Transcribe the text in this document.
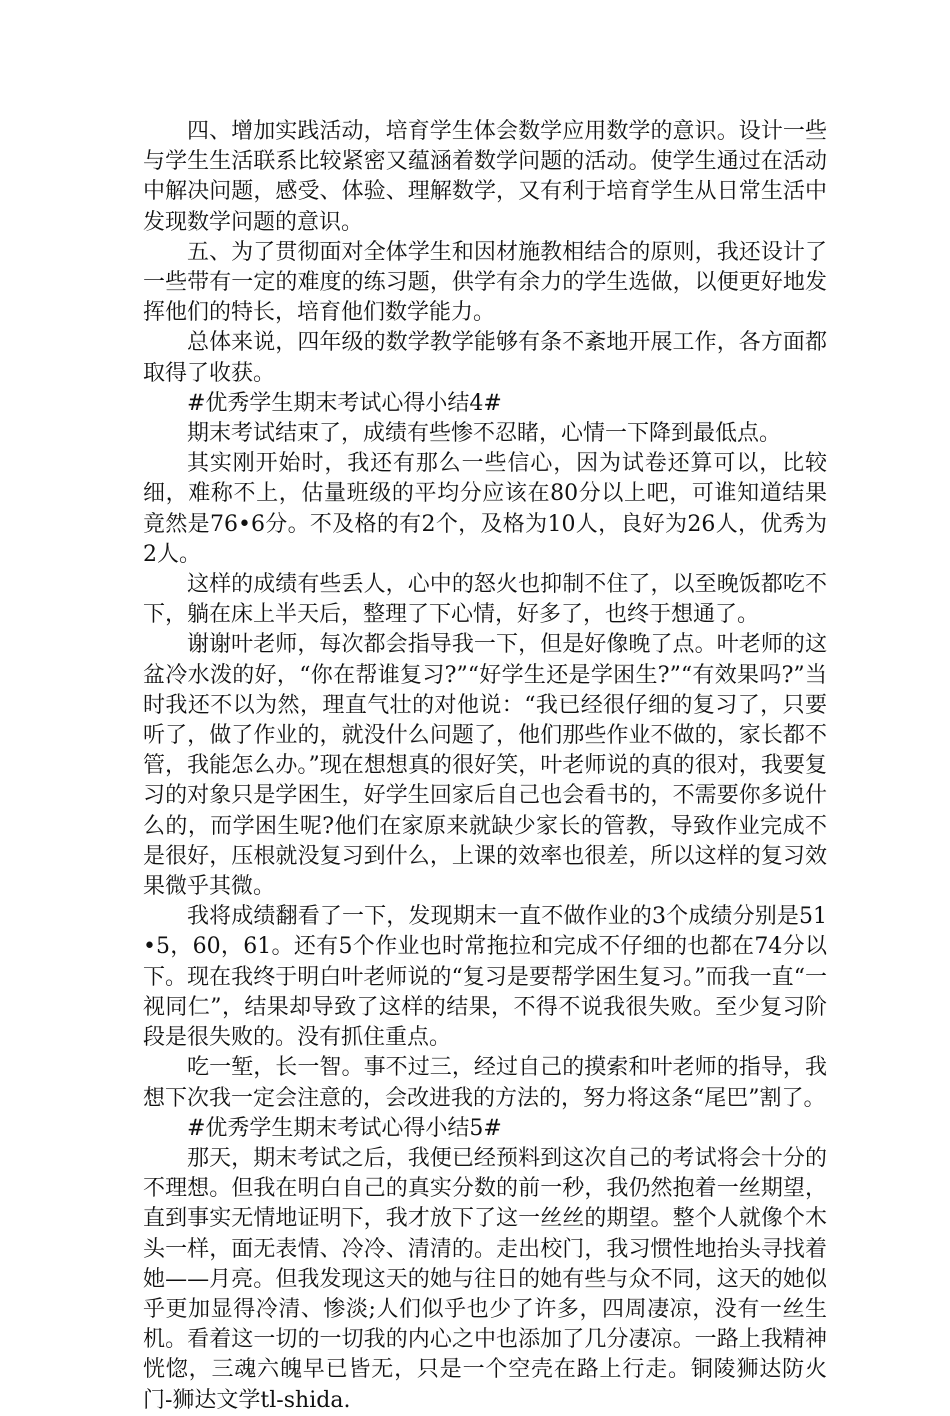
四、增加实践活动，培育学生体会数学应用数学的意识。设计一些与学生生活联系比较紧密又蕴涵着数学问题的活动。使学生通过在活动中解决问题，感受、体验、理解数学，又有利于培育学生从日常生活中发现数学问题的意识。

五、为了贯彻面对全体学生和因材施教相结合的原则，我还设计了一些带有一定的难度的练习题，供学有余力的学生选做，以便更好地发挥他们的特长，培育他们数学能力。

总体来说，四年级的数学教学能够有条不紊地开展工作，各方面都取得了收获。

#优秀学生期末考试心得小结4#

期末考试结束了，成绩有些惨不忍睹，心情一下降到最低点。

其实刚开始时，我还有那么一些信心，因为试卷还算可以，比较细，难称不上，估量班级的平均分应该在80分以上吧，可谁知道结果竟然是76•6分。不及格的有2个，及格为10人，良好为26人，优秀为2人。

这样的成绩有些丢人，心中的怒火也抑制不住了，以至晚饭都吃不下，躺在床上半天后，整理了下心情，好多了，也终于想通了。

谢谢叶老师，每次都会指导我一下，但是好像晚了点。叶老师的这盆冷水泼的好，“你在帮谁复习?”“好学生还是学困生?”“有效果吗?”当时我还不以为然，理直气壮的对他说：“我已经很仔细的复习了，只要听了，做了作业的，就没什么问题了，他们那些作业不做的，家长都不管，我能怎么办。”现在想想真的很好笑，叶老师说的真的很对，我要复习的对象只是学困生，好学生回家后自己也会看书的，不需要你多说什么的，而学困生呢?他们在家原来就缺少家长的管教，导致作业完成不是很好，压根就没复习到什么，上课的效率也很差，所以这样的复习效果微乎其微。

我将成绩翻看了一下，发现期末一直不做作业的3个成绩分别是51•5，60，61。还有5个作业也时常拖拉和完成不仔细的也都在74分以下。现在我终于明白叶老师说的“复习是要帮学困生复习。”而我一直“一视同仁”，结果却导致了这样的结果，不得不说我很失败。至少复习阶段是很失败的。没有抓住重点。

吃一堑，长一智。事不过三，经过自己的摸索和叶老师的指导，我想下次我一定会注意的，会改进我的方法的，努力将这条“尾巴”割了。

#优秀学生期末考试心得小结5#

那天，期末考试之后，我便已经预料到这次自己的考试将会十分的不理想。但我在明白自己的真实分数的前一秒，我仍然抱着一丝期望，直到事实无情地证明下，我才放下了这一丝丝的期望。整个人就像个木头一样，面无表情、冷冷、清清的。走出校门，我习惯性地抬头寻找着她——月亮。但我发现这天的她与往日的她有些与众不同，这天的她似乎更加显得冷清、惨淡;人们似乎也少了许多，四周凄凉，没有一丝生机。看着这一切的一切我的内心之中也添加了几分凄凉。一路上我精神恍惚，三魂六魄早已皆无，只是一个空壳在路上行走。铜陵狮达防火门-狮达文学tl-shida.
